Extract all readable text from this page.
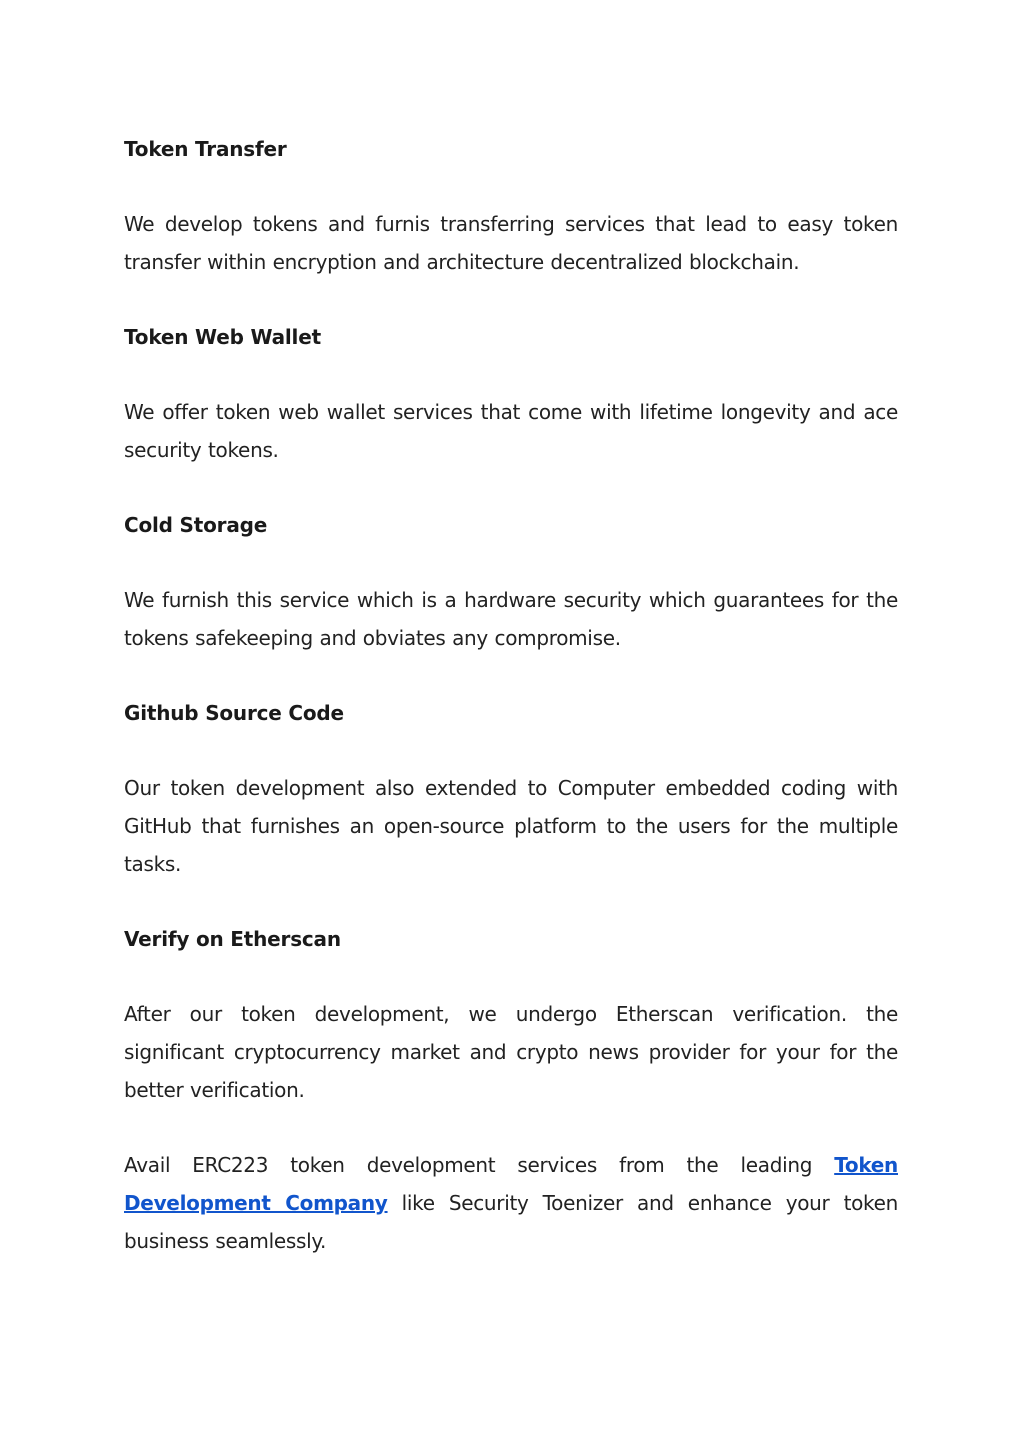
Token Transfer

We develop tokens and furnis transferring services that lead to easy token transfer within encryption and architecture decentralized blockchain.

Token Web Wallet

We offer token web wallet services that come with lifetime longevity and ace security tokens.

Cold Storage

We furnish this service which is a hardware security which guarantees for the tokens safekeeping and obviates any compromise.

Github Source Code

Our token development also extended to Computer embedded coding with GitHub that furnishes an open-source platform to the users for the multiple tasks.

Verify on Etherscan

After our token development, we undergo Etherscan verification. the significant cryptocurrency market and crypto news provider for your for the better verification.

Avail ERC223 token development services from the leading Token Development Company like Security Toenizer and enhance your token business seamlessly.
